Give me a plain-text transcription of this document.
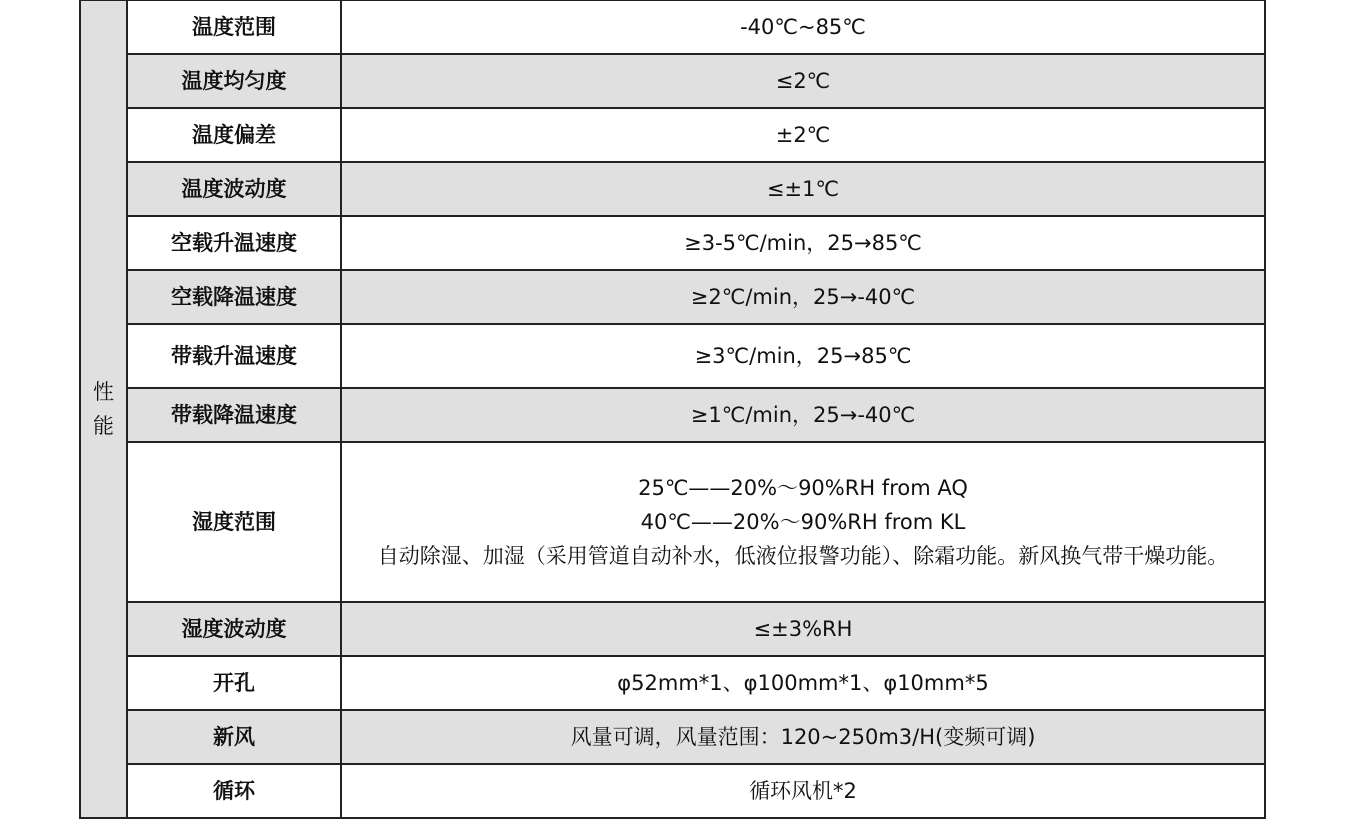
性
能	温度范围	-40℃~85℃
	温度均匀度	≤2℃
	温度偏差	±2℃
	温度波动度	≤±1℃
	空载升温速度	≥3-5℃/min，25→85℃
	空载降温速度	≥2℃/min，25→-40℃
	带载升温速度	≥3℃/min，25→85℃
	带载降温速度	≥1℃/min，25→-40℃
	湿度范围	25℃——20%～90%RH from AQ
40℃——20%～90%RH from KL
自动除湿、加湿（采用管道自动补水，低液位报警功能）、除霜功能。新风换气带干燥功能。

	湿度波动度	≤±3%RH
	开孔	φ52mm*1、φ100mm*1、φ10mm*5
	新风	风量可调，风量范围：120~250m3/H(变频可调)
	循环	循环风机*2
